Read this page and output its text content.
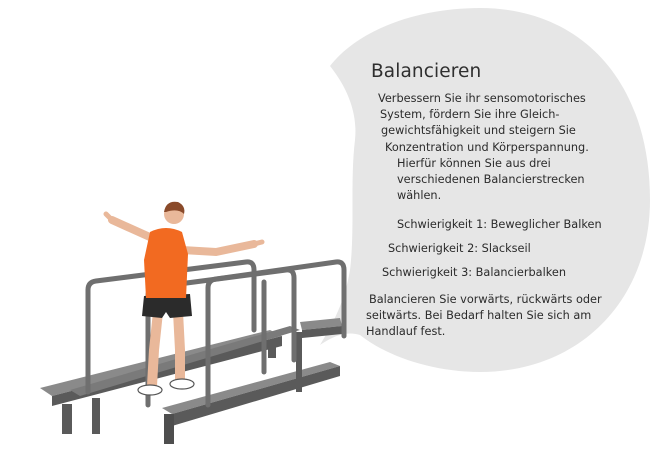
Balancieren
Verbessern Sie ihr sensomotorisches
System, fördern Sie ihre Gleich-
gewichtsfähigkeit und steigern Sie
Konzentration und Körperspannung.
Hierfür können Sie aus drei
verschiedenen Balancierstrecken
wählen.
Schwierigkeit 1: Beweglicher Balken
Schwierigkeit 2: Slackseil
Schwierigkeit 3: Balancierbalken
Balancieren Sie vorwärts, rückwärts oder
seitwärts. Bei Bedarf halten Sie sich am
Handlauf fest.
